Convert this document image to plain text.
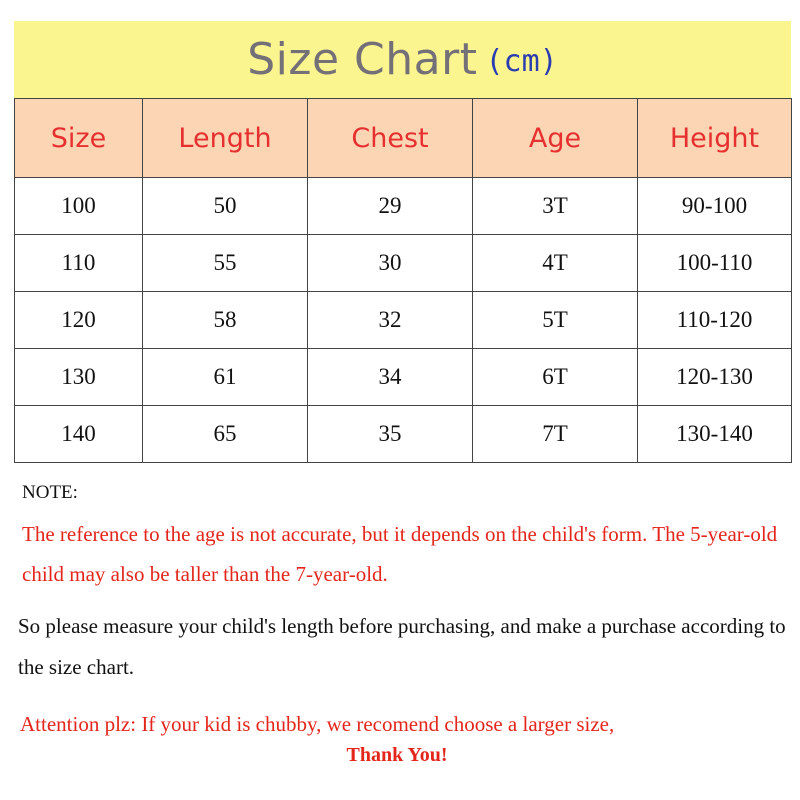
Size Chart (cm)
Size	Length	Chest	Age	Height
100	50	29	3T	90-100
110	55	30	4T	100-110
120	58	32	5T	110-120
130	61	34	6T	120-130
140	65	35	7T	130-140

NOTE:

The reference to the age is not accurate, but it depends on the child's form. The 5-year-old child may also be taller than the 7-year-old.

So please measure your child's length before purchasing, and make a purchase according to the size chart.

Attention plz: If your kid is chubby, we recomend choose a larger size,

Thank You!
